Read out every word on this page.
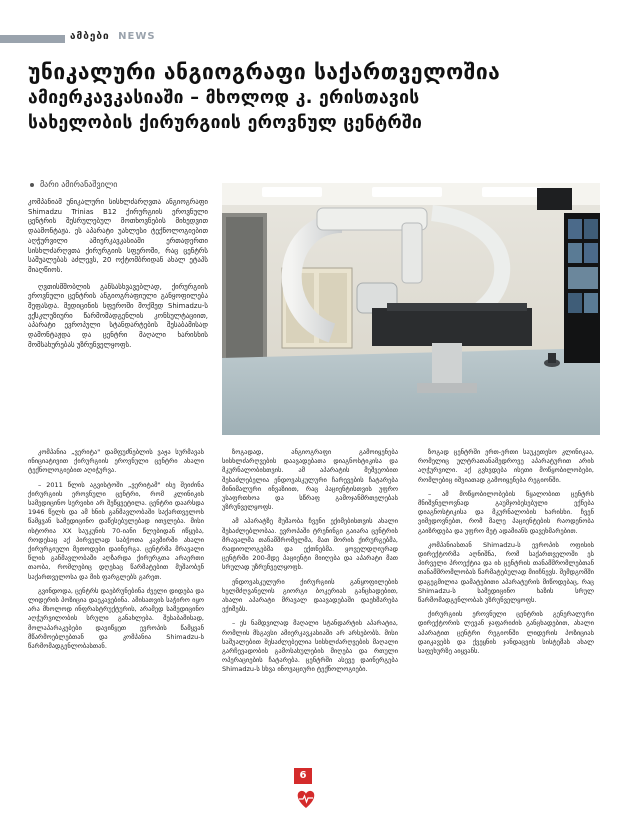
ამბები NEWS
უნიკალური ანგიოგრაფი საქართველოშია
ამიერკავკასიაში – მხოლოდ კ. ერისთავის
სახელობის ქირურგიის ეროვნულ ცენტრში
მარი ამირანაშვილი

კომპანიამ უნიკალური სისხლძარღვთა ანგიოგრაფი Shimadzu Trinias B12 ქირურგიის ეროვნული ცენტრის შესრულებულ მოთხოვნების მიხედვით დაამონტაჟა. ეს აპარატი უახლესი ტექნოლოგიებით აღჭურვილი ამიერკავკასიაში ერთადერთი სისხლძარღვთა ქირურგიის სფეროში, რაც ცენტრს საშუალებას აძლევს, 20 ოქტომბრიდან ახალ ეტაპს მიაღწიოს.

ღვთისმშობლის განსასხვავებლად, ქირურგიის ეროვნული ცენტრის ანგიოგრაფიული განყოფილება შეფასდა. მედიცინის სფეროში მოქმედ Shimadzu-ს ექსკლუზიური წარმომადგენლის კონსულტაციით, აპარატი ევროპული სტანდარტების შესაბამისად დამონტაჟდა და ცენტრი მაღალი ხარისხის მომსახურებას უზრუნველყოფს.

კომპანია „ვერიტა" დამფუძნებლის ვაჟა სურმავას ინიციატივით ქირურგიის ეროვნული ცენტრი ახალი ტექნოლოგიებით აღიჭურვა.

– 2011 წლის აგვისტოში „ვერიტამ" ისე შეიძინა ქირურგიის ეროვნული ცენტრი, რომ კლინიკის სამედიცინო სერვისი არ შეწყვეტილა. ცენტრი დაარსდა 1946 წელს და ამ ხნის განმავლობაში საქართველოს წამყვან სამედიცინო დაწესებულებად ითვლება. მისი ისტორია XX საუკუნის 70-იანი წლებიდან იწყება, როდესაც აქ პირველად საბჭოთა კავშირში ახალი ქირურგიული მეთოდები დაინერგა. ცენტრმა მრავალი წლის განმავლობაში აღზარდა ქირურგთა არაერთი თაობა, რომლებიც დღესაც წარმატებით მუშაობენ საქართველოსა და მის ფარგლებს გარეთ.

გვინდოდა, ცენტრს დაებრუნებინა ძველი დიდება და ლიდერის პოზიცია დაეკავებინა. ამისათვის საჭირო იყო არა მხოლოდ ინფრასტრუქტურის, არამედ სამედიცინო აღჭურვილობის სრული განახლება. შესაბამისად, მოლაპარაკებები დავიწყეთ ევროპის წამყვან მწარმოებლებთან და კომპანია Shimadzu-ს წარმომადგენლობასთან.

ზოგადად, ანგიოგრაფი გამოიყენება სისხლძარღვების დაავადებათა დიაგნოსტიკისა და მკურნალობისთვის. ამ აპარატის მეშვეობით შესაძლებელია ენდოვასკულური ჩარევების ჩატარება მინიმალური ინვაზიით, რაც პაციენტისთვის უფრო უსაფრთხოა და სწრაფ გამოჯანმრთელებას უზრუნველყოფს.

ამ აპარატზე მუშაობა ჩვენი ექიმებისთვის ახალი შესაძლებლობაა. ევროპაში ტრენინგი გაიარა ცენტრის მრავალმა თანამშრომელმა, მათ შორის ქირურგებმა, რადიოლოგებმა და ექთნებმა. ყოველდღიურად ცენტრში 200-მდე პაციენტი მიიღება და აპარატი მათ სრულად უზრუნველყოფს.

ენდოვასკულური ქირურგიის განყოფილების ხელმძღვანელის გიორგი ბოკერიას განცხადებით, ახალი აპარატი მრავალ დაავადებაში დაეხმარება ექიმებს.

– ეს ნამდვილად მაღალი სტანდარტის აპარატია, რომლის მსგავსი ამიერკავკასიაში არ არსებობს. მისი საშუალებით შესაძლებელია სისხლძარღვების მაღალი გარჩევადობის გამოსახულების მიღება და რთული ოპერაციების ჩატარება. ცენტრში ასევე დაინერგება Shimadzu-ს სხვა ინოვაციური ტექნოლოგიები.

ზოგად ცენტრში ერთ-ერთი საუკეთესო კლინიკაა, რომელიც ულტრათანამედროვე აპარატურით არის აღჭურვილი. აქ გვხვდება ისეთი მოწყობილობები, რომლებიც იშვიათად გამოიყენება რეგიონში.

– ამ მოწყობილობების წყალობით ცენტრს მნიშვნელოვნად გაუმჯობესებული ექნება დიაგნოსტიკისა და მკურნალობის ხარისხი. ჩვენ ვიმედოვნებთ, რომ მალე პაციენტების რაოდენობა გაიზრდება და უფრო მეტ ადამიანს დავეხმარებით.

კომპანიასთან Shimadzu-ს ევროპის ოფისის დირექტორმა აღნიშნა, რომ საქართველოში ეს პირველი პროექტია და ის ცენტრის თანამშრომლებთან თანამშრომლობას წარმატებულად მიიჩნევს. შემდგომში დაგეგმილია დამატებითი აპარატურის მიწოდებაც, რაც Shimadzu-ს სამედიცინო ხაზის სრულ წარმომადგენლობას უზრუნველყოფს.

ქირურგიის ეროვნული ცენტრის გენერალური დირექტორის ლევან ჯაფარიძის განცხადებით, ახალი აპარატით ცენტრი რეგიონში ლიდერის პოზიციას დაიკავებს და ქვეყნის ჯანდაცვის სისტემას ახალ საფეხურზე აიყვანს.

6
